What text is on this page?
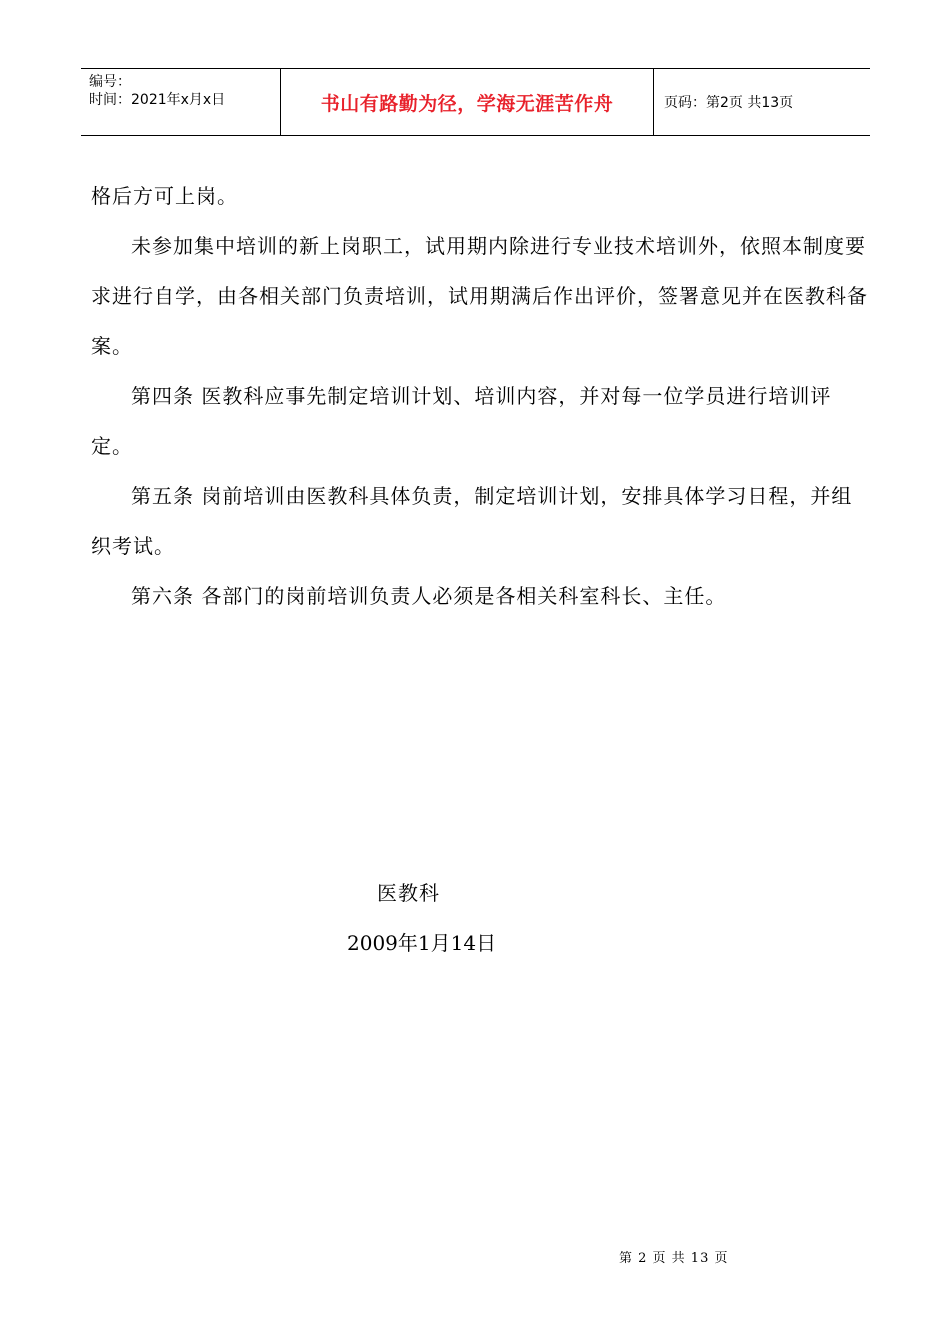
编号：
时间：2021年x月x日	书山有路勤为径，学海无涯苦作舟	页码：第2页 共13页

格后方可上岗。

未参加集中培训的新上岗职工，试用期内除进行专业技术培训外，依照本制度要求进行自学，由各相关部门负责培训，试用期满后作出评价，签署意见并在医教科备案。

第四条 医教科应事先制定培训计划、培训内容，并对每一位学员进行培训评定。

第五条 岗前培训由医教科具体负责，制定培训计划，安排具体学习日程，并组织考试。

第六条 各部门的岗前培训负责人必须是各相关科室科长、主任。

医教科
2009年1月14日
第 2 页 共 13 页
